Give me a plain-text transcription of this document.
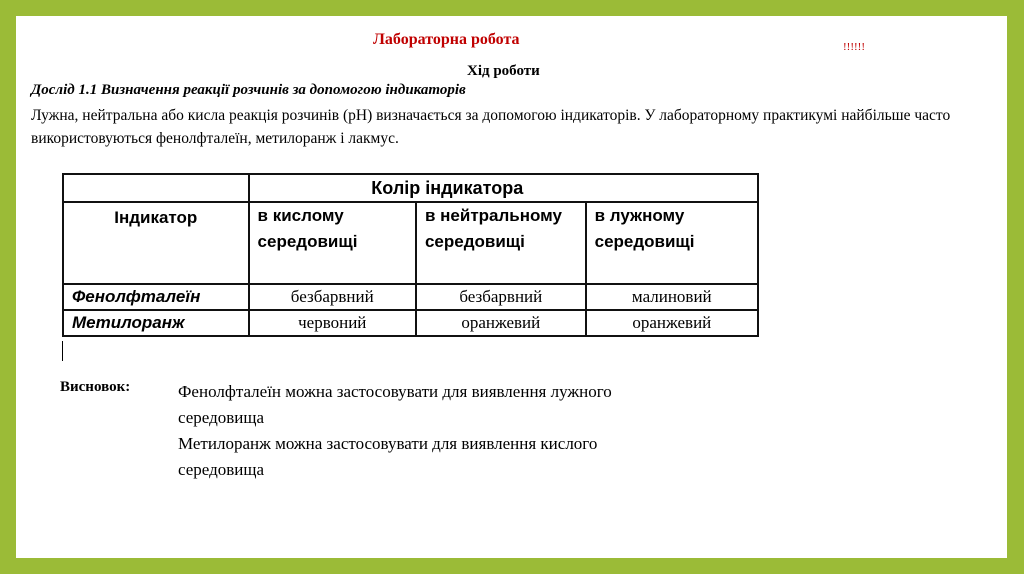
Лабораторна робота	!!!!!!
Хід роботи
Дослід 1.1 Визначення реакції розчинів за допомогою індикаторів
Лужна, нейтральна або кисла реакція розчинів (pH) визначається за допомогою індикаторів. У лабораторному практикумі найбільше часто використовуються фенолфталеїн, метилоранж і лакмус.
	Колір індикатора		
Індикатор	в кислому середовищі	в нейтральному середовищі	в лужному середовищі
Фенолфталеїн	безбарвний	безбарвний	малиновий
Метилоранж	червоний	оранжевий	оранжевий
Висновок:	Фенолфталеїн можна застосовувати для виявлення лужного
середовища
Метилоранж можна застосовувати для виявлення кислого
середовища
